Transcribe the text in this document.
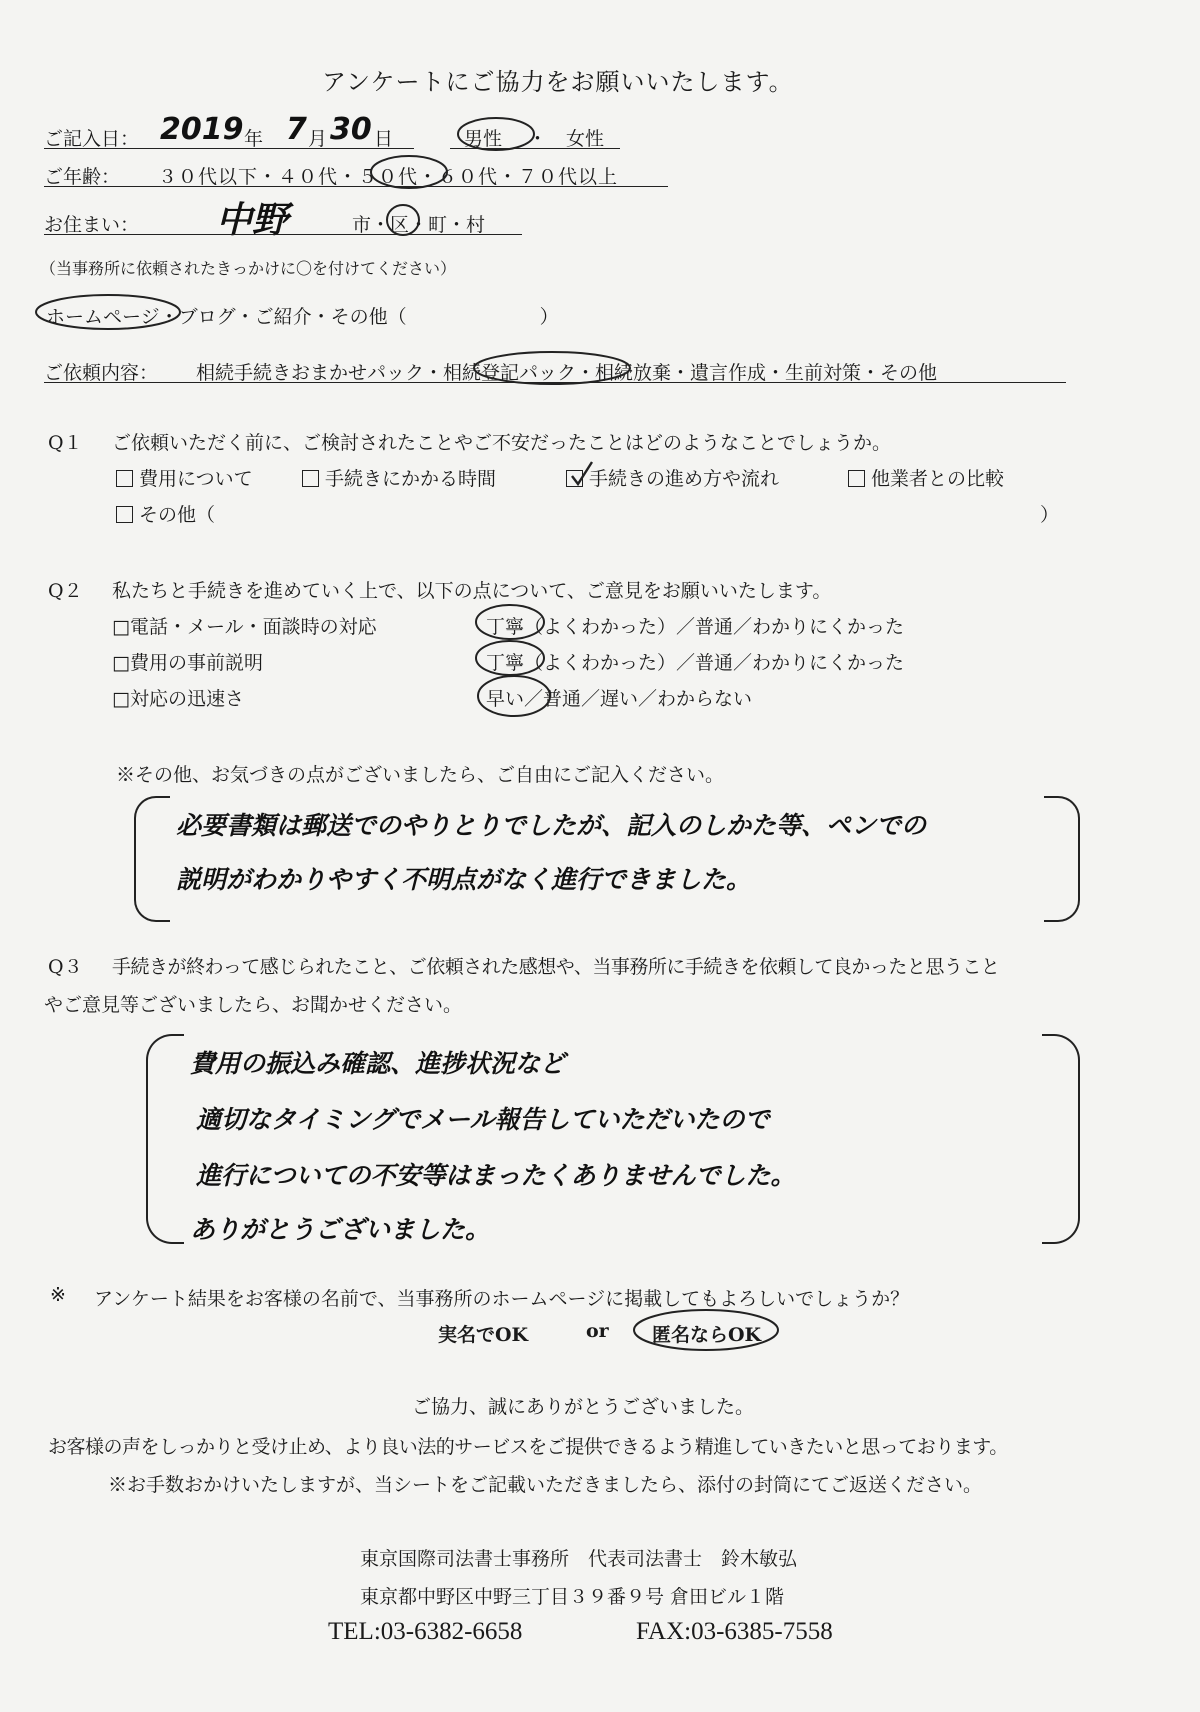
アンケートにご協力をお願いいたします。
ご記入日： 2019 年 7 月 30 日	男性 ・ 女性
ご年齢： ３０代以下・４０代・５０代・６０代・７０代以上
お住まい： 中野	市・区・町・村
（当事務所に依頼されたきっかけに〇を付けてください）
ホームページ・ブログ・ご紹介・その他（　　　　　　　）
ご依頼内容： 相続手続きおまかせパック・相続登記パック・相続放棄・遺言作成・生前対策・その他
Q１ ご依頼いただく前に、ご検討されたことやご不安だったことはどのようなことでしょうか。
費用について	手続きにかかる時間	手続きの進め方や流れ	他業者との比較
その他（	）
Q２ 私たちと手続きを進めていく上で、以下の点について、ご意見をお願いいたします。
□電話・メール・面談時の対応	丁寧（よくわかった）／普通／わかりにくかった
□費用の事前説明	丁寧（よくわかった）／普通／わかりにくかった
□対応の迅速さ	早い／普通／遅い／わからない
※その他、お気づきの点がございましたら、ご自由にご記入ください。
必要書類は郵送でのやりとりでしたが、記入のしかた等、ペンでの
説明がわかりやすく不明点がなく進行できました。
Q３ 手続きが終わって感じられたこと、ご依頼された感想や、当事務所に手続きを依頼して良かったと思うこと
やご意見等ございましたら、お聞かせください。
費用の振込み確認、進捗状況など
適切なタイミングでメール報告していただいたので
進行についての不安等はまったくありませんでした。
ありがとうございました。
※ アンケート結果をお客様の名前で、当事務所のホームページに掲載してもよろしいでしょうか？
実名でOK	or 匿名ならOK
ご協力、誠にありがとうございました。
お客様の声をしっかりと受け止め、より良い法的サービスをご提供できるよう精進していきたいと思っております。
※お手数おかけいたしますが、当シートをご記載いただきましたら、添付の封筒にてご返送ください。
東京国際司法書士事務所　代表司法書士　鈴木敏弘
東京都中野区中野三丁目３９番９号 倉田ビル１階
TEL:03-6382-6658	FAX:03-6385-7558
